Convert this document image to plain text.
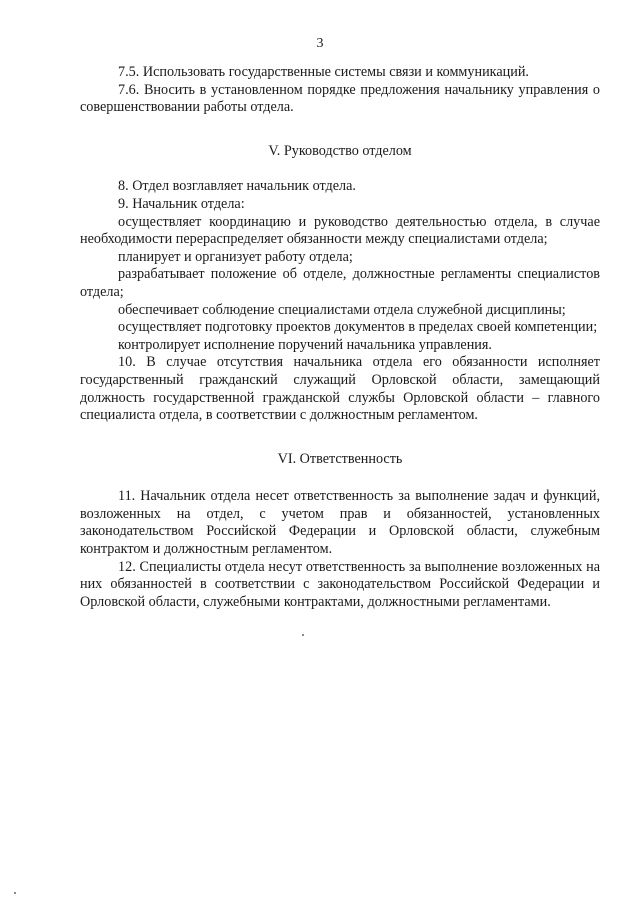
3

7.5. Использовать государственные системы связи и коммуникаций.

7.6. Вносить в установленном порядке предложения начальнику управления о совершенствовании работы отдела.

V. Руководство отделом

8. Отдел возглавляет начальник отдела.

9. Начальник отдела:

осуществляет координацию и руководство деятельностью отдела, в случае необходимости перераспределяет обязанности между специалистами отдела;

планирует и организует работу отдела;

разрабатывает положение об отделе, должностные регламенты специалистов отдела;

обеспечивает соблюдение специалистами отдела служебной дисциплины;

осуществляет подготовку проектов документов в пределах своей компетенции;

контролирует исполнение поручений начальника управления.

10. В случае отсутствия начальника отдела его обязанности исполняет государственный гражданский служащий Орловской области, замещающий должность государственной гражданской службы Орловской области – главного специалиста отдела, в соответствии с должностным регламентом.

VI. Ответственность

11. Начальник отдела несет ответственность за выполнение задач и функций, возложенных на отдел, с учетом прав и обязанностей, установленных законодательством Российской Федерации и Орловской области, служебным контрактом и должностным регламентом.

12. Специалисты отдела несут ответственность за выполнение возложенных на них обязанностей в соответствии с законодательством Российской Федерации и Орловской области, служебными контрактами, должностными регламентами.
